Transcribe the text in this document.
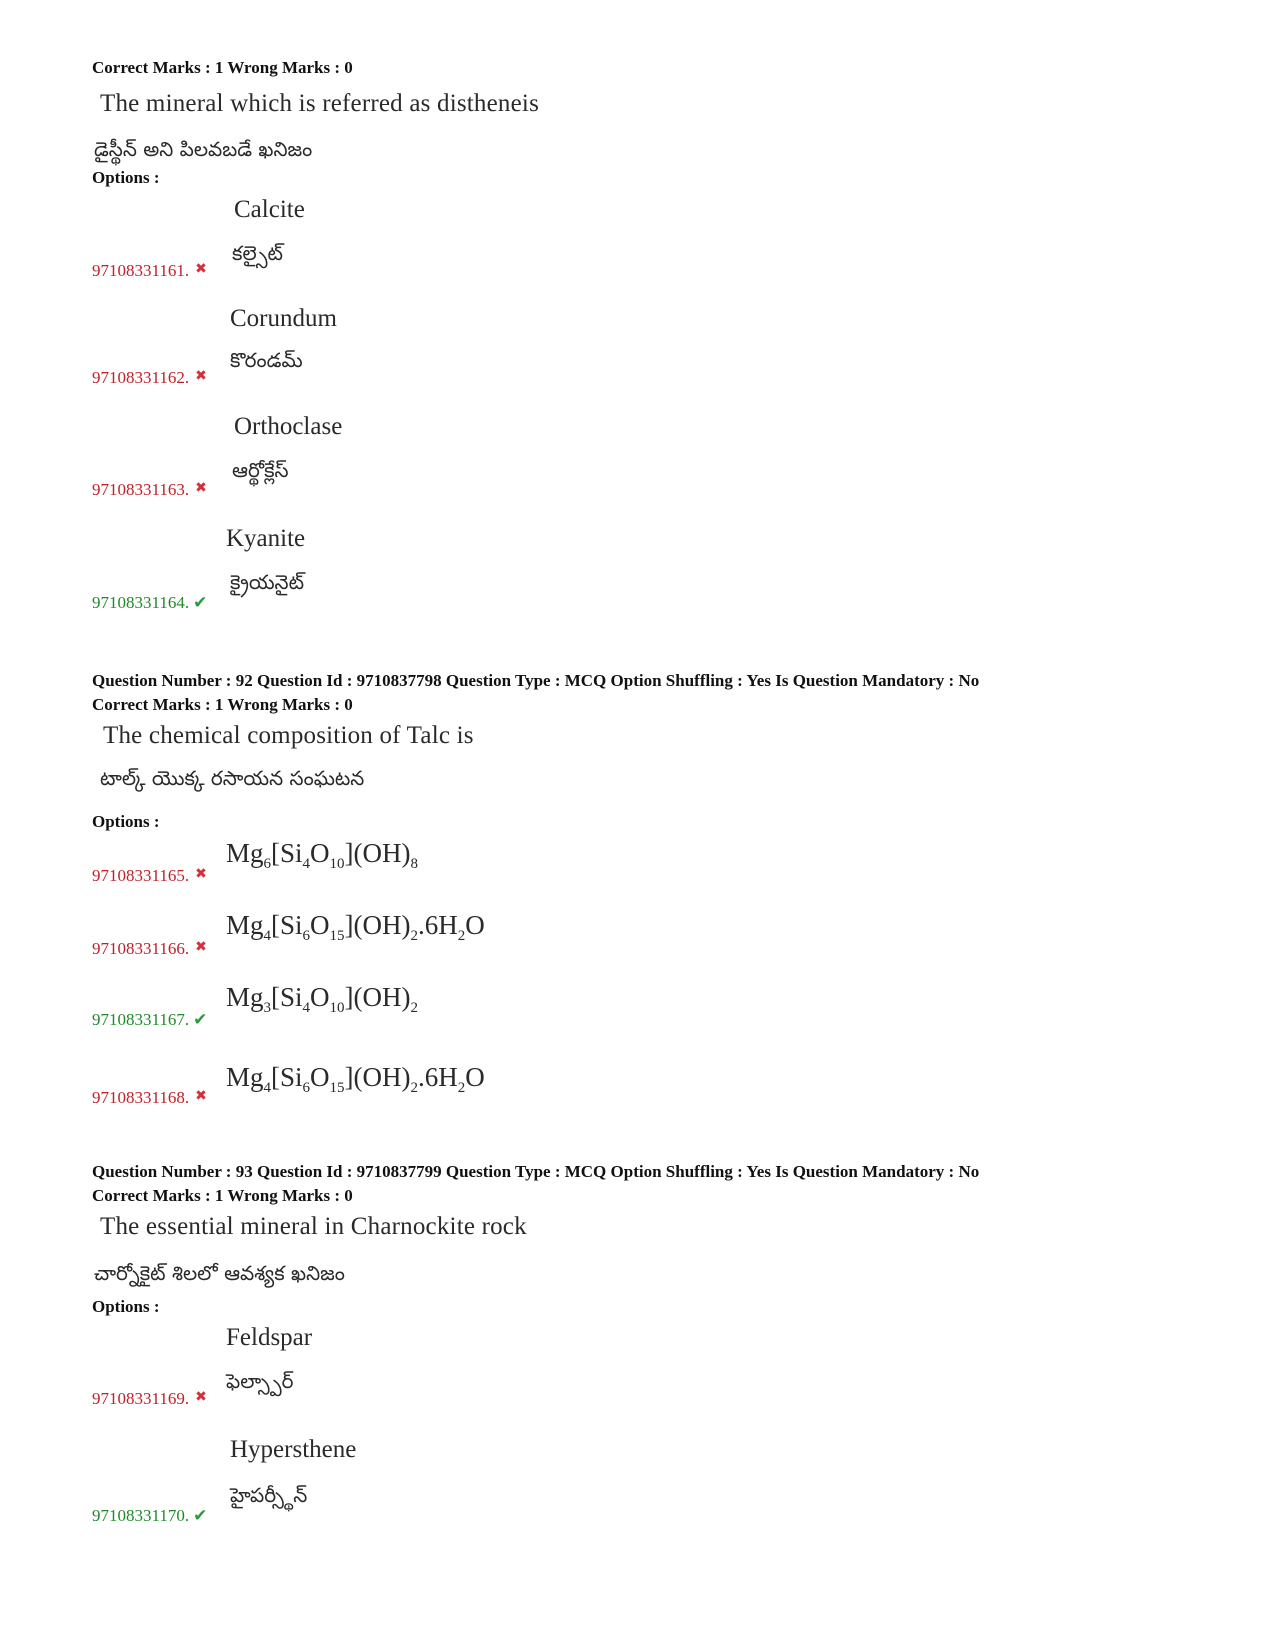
Correct Marks : 1 Wrong Marks : 0
The mineral which is referred as distheneis
డైస్థీన్ అని పిలవబడే ఖనిజం
Options :
Calcite
కల్సైట్
97108331161. ✖
Corundum
కొరండమ్
97108331162. ✖
Orthoclase
ఆర్థోక్లేస్
97108331163. ✖
Kyanite
క్రైయనైట్
97108331164. ✔
Question Number : 92 Question Id : 9710837798 Question Type : MCQ Option Shuffling : Yes Is Question Mandatory : No
Correct Marks : 1 Wrong Marks : 0
The chemical composition of Talc is
టాల్క్ యొక్క రసాయన సంఘటన
Options :
$Mg_6[Si_4O_{10}](OH)_8$
97108331165. ✖
$Mg_4[Si_6O_{15}](OH)_2.6H_2O$
97108331166. ✖
$Mg_3[Si_4O_{10}](OH)_2$
97108331167. ✔
$Mg_4[Si_6O_{15}](OH)_2.6H_2O$
97108331168. ✖
Question Number : 93 Question Id : 9710837799 Question Type : MCQ Option Shuffling : Yes Is Question Mandatory : No
Correct Marks : 1 Wrong Marks : 0
The essential mineral in Charnockite rock
చార్నోకైట్ శిలలో ఆవశ్యక ఖనిజం
Options :
Feldspar
ఫెల్స్పార్
97108331169. ✖
Hypersthene
హైపర్స్థీన్
97108331170. ✔
